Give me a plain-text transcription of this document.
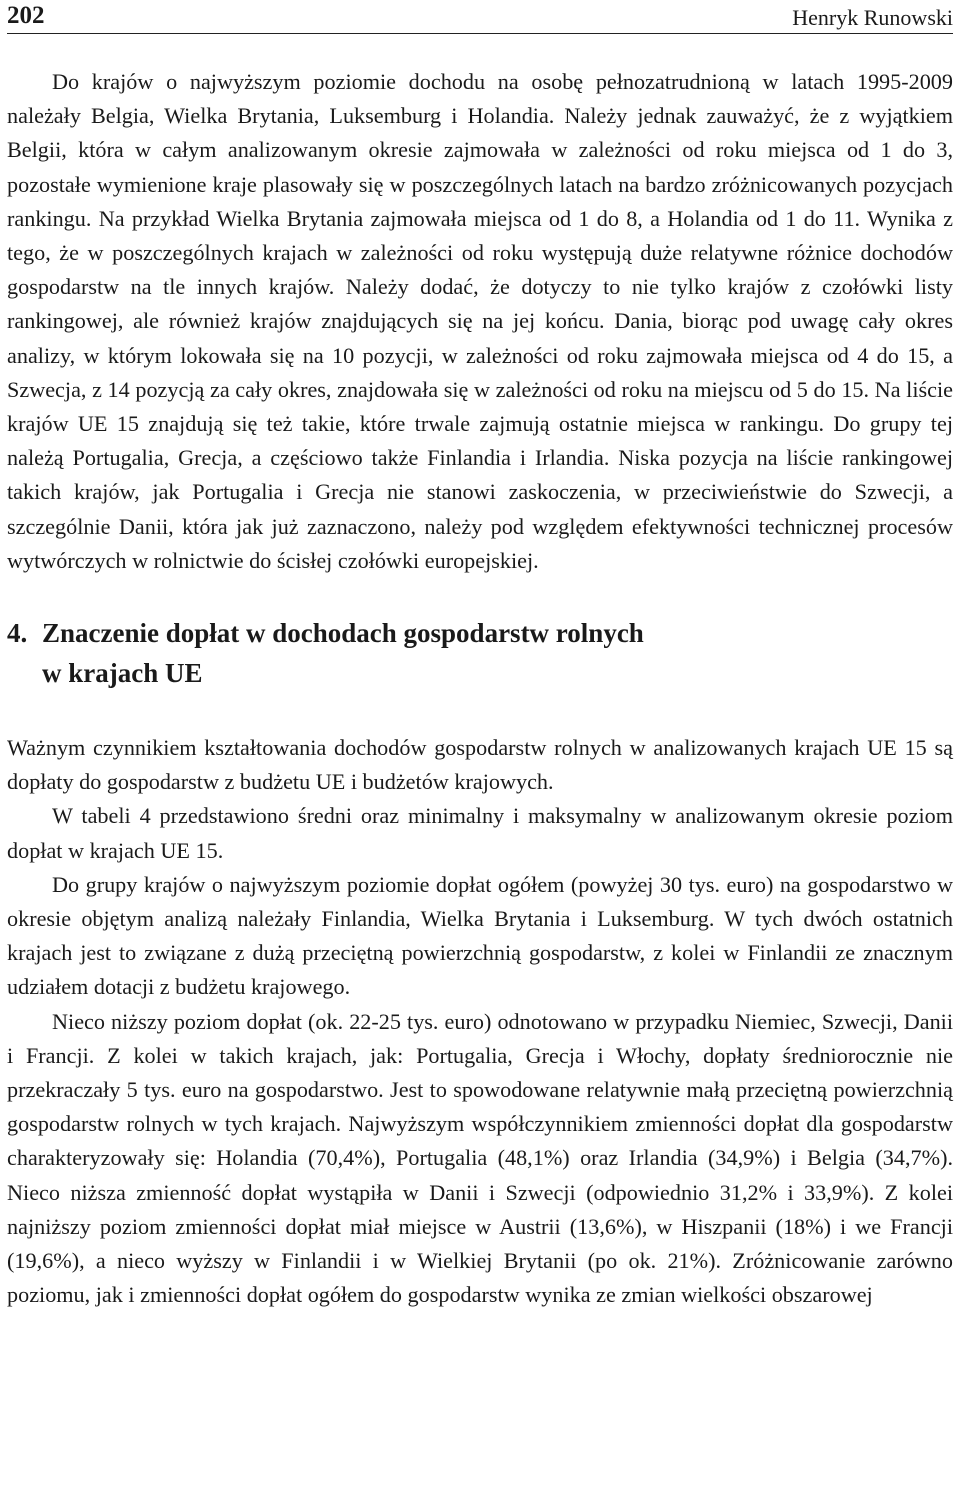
202	Henryk Runowski

Do krajów o najwyższym poziomie dochodu na osobę pełnozatrudnioną w latach 1995-2009 należały Belgia, Wielka Brytania, Luksemburg i Holandia. Należy jednak zauważyć, że z wyjątkiem Belgii, która w całym analizowanym okresie zajmowała w zależności od roku miejsca od 1 do 3, pozostałe wymienione kraje plasowały się w poszczególnych latach na bardzo zróżnicowanych pozycjach rankingu. Na przykład Wielka Brytania zajmowała miejsca od 1 do 8, a Holandia od 1 do 11. Wynika z tego, że w poszczególnych krajach w zależności od roku występują duże relatywne różnice dochodów gospodarstw na tle innych krajów. Należy dodać, że dotyczy to nie tylko krajów z czołówki listy rankingowej, ale również krajów znajdujących się na jej końcu. Dania, biorąc pod uwagę cały okres analizy, w którym lokowała się na 10 pozycji, w zależności od roku zajmowała miejsca od 4 do 15, a Szwecja, z 14 pozycją za cały okres, znajdowała się w zależności od roku na miejscu od 5 do 15. Na liście krajów UE 15 znajdują się też takie, które trwale zajmują ostatnie miejsca w rankingu. Do grupy tej należą Portugalia, Grecja, a częściowo także Finlandia i Irlandia. Niska pozycja na liście rankingowej takich krajów, jak Portugalia i Grecja nie stanowi zaskoczenia, w przeciwieństwie do Szwecji, a szczególnie Danii, która jak już zaznaczono, należy pod względem efektywności technicznej procesów wytwórczych w rolnictwie do ścisłej czołówki europejskiej.

4. Znaczenie dopłat w dochodach gospodarstw rolnych
w krajach UE

Ważnym czynnikiem kształtowania dochodów gospodarstw rolnych w analizowanych krajach UE 15 są dopłaty do gospodarstw z budżetu UE i budżetów krajowych.

W tabeli 4 przedstawiono średni oraz minimalny i maksymalny w analizowanym okresie poziom dopłat w krajach UE 15.

Do grupy krajów o najwyższym poziomie dopłat ogółem (powyżej 30 tys. euro) na gospodarstwo w okresie objętym analizą należały Finlandia, Wielka Brytania i Luksemburg. W tych dwóch ostatnich krajach jest to związane z dużą przeciętną powierzchnią gospodarstw, z kolei w Finlandii ze znacznym udziałem dotacji z budżetu krajowego.

Nieco niższy poziom dopłat (ok. 22-25 tys. euro) odnotowano w przypadku Niemiec, Szwecji, Danii i Francji. Z kolei w takich krajach, jak: Portugalia, Grecja i Włochy, dopłaty średniorocznie nie przekraczały 5 tys. euro na gospodarstwo. Jest to spowodowane relatywnie małą przeciętną powierzchnią gospodarstw rolnych w tych krajach. Najwyższym współczynnikiem zmienności dopłat dla gospodarstw charakteryzowały się: Holandia (70,4%), Portugalia (48,1%) oraz Irlandia (34,9%) i Belgia (34,7%). Nieco niższa zmienność dopłat wystąpiła w Danii i Szwecji (odpowiednio 31,2% i 33,9%). Z kolei najniższy poziom zmienności dopłat miał miejsce w Austrii (13,6%), w Hiszpanii (18%) i we Francji (19,6%), a nieco wyższy w Finlandii i w Wielkiej Brytanii (po ok. 21%). Zróżnicowanie zarówno poziomu, jak i zmienności dopłat ogółem do gospodarstw wynika ze zmian wielkości obszarowej
